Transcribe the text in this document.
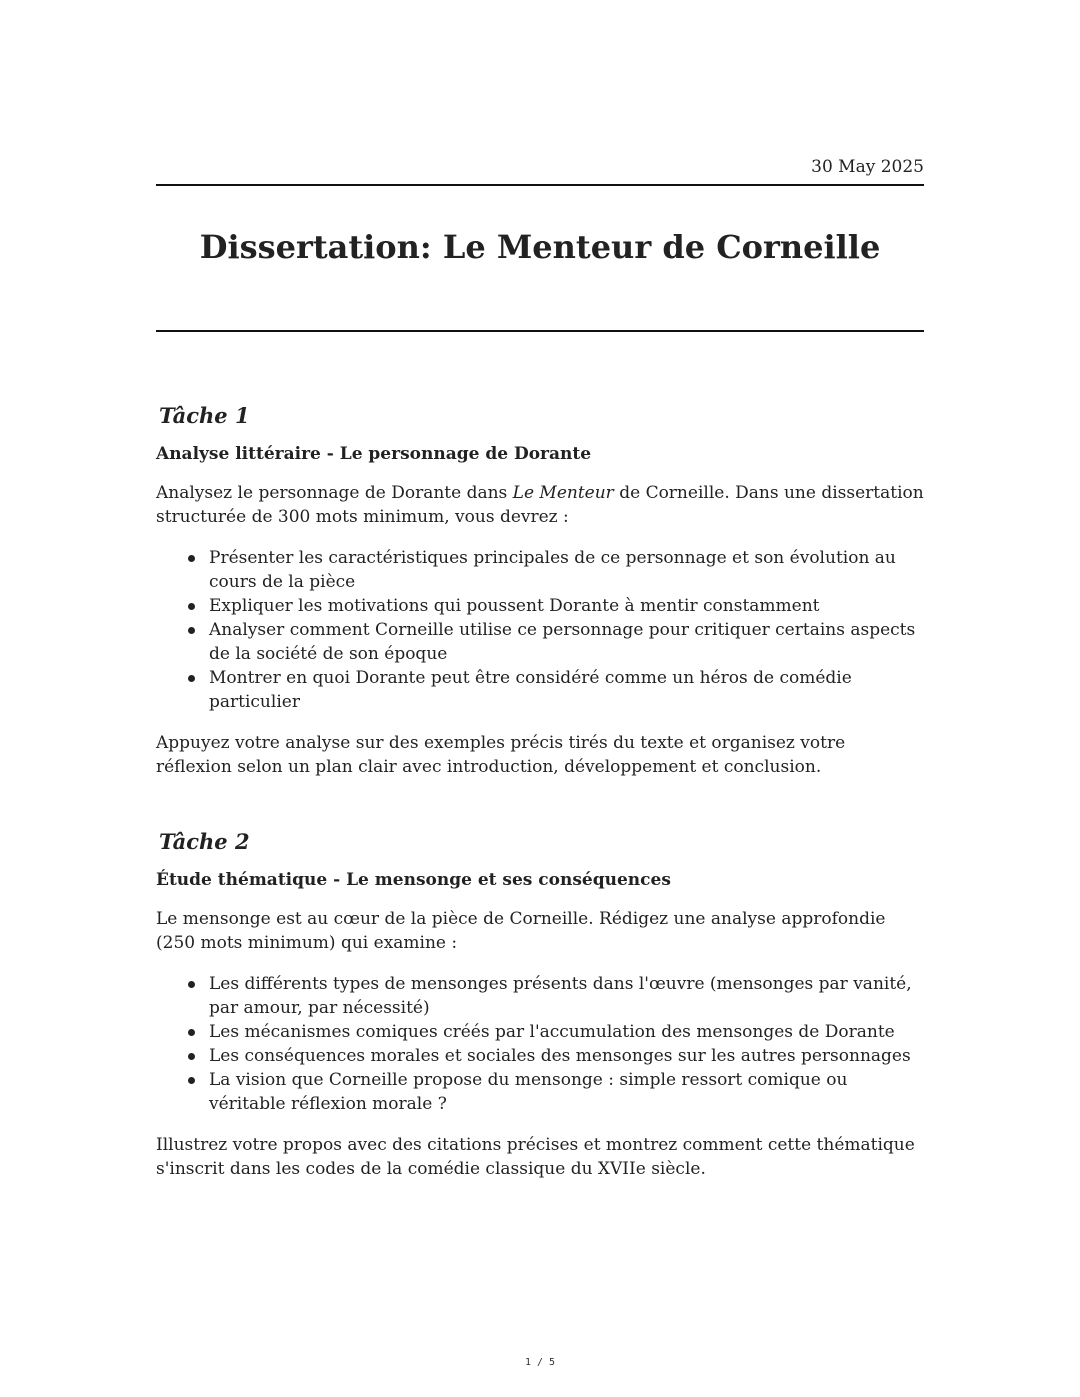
30 May 2025
Dissertation: Le Menteur de Corneille
Tâche 1
Analyse littéraire - Le personnage de Dorante

Analysez le personnage de Dorante dans Le Menteur de Corneille. Dans une dissertation structurée de 300 mots minimum, vous devrez :

Présenter les caractéristiques principales de ce personnage et son évolution au cours de la pièce
Expliquer les motivations qui poussent Dorante à mentir constamment
Analyser comment Corneille utilise ce personnage pour critiquer certains aspects de la société de son époque
Montrer en quoi Dorante peut être considéré comme un héros de comédie particulier

Appuyez votre analyse sur des exemples précis tirés du texte et organisez votre réflexion selon un plan clair avec introduction, développement et conclusion.

Tâche 2
Étude thématique - Le mensonge et ses conséquences

Le mensonge est au cœur de la pièce de Corneille. Rédigez une analyse approfondie (250 mots minimum) qui examine :

Les différents types de mensonges présents dans l'œuvre (mensonges par vanité, par amour, par nécessité)
Les mécanismes comiques créés par l'accumulation des mensonges de Dorante
Les conséquences morales et sociales des mensonges sur les autres personnages
La vision que Corneille propose du mensonge : simple ressort comique ou véritable réflexion morale ?

Illustrez votre propos avec des citations précises et montrez comment cette thématique s'inscrit dans les codes de la comédie classique du XVIIe siècle.

1 / 5
